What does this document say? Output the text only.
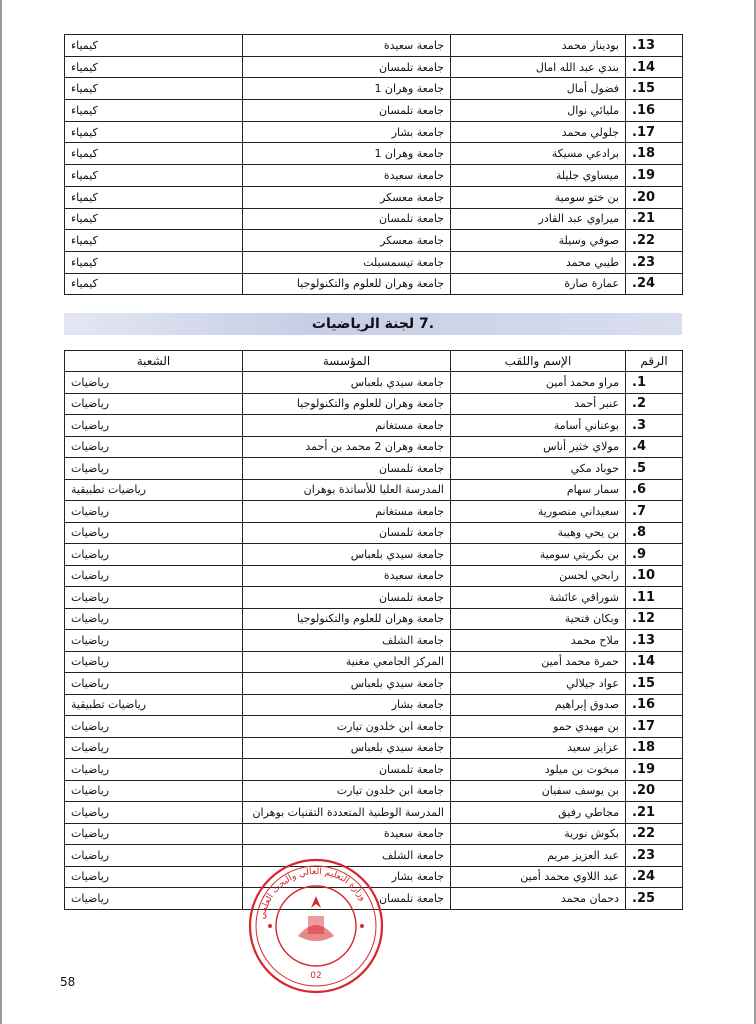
13.	بوديناز محمد	جامعة سعيدة	كيمياء
14.	بندي عبد الله امال	جامعة تلمسان	كيمياء
15.	فضول أمال	جامعة وهران 1	كيمياء
16.	مليائي نوال	جامعة تلمسان	كيمياء
17.	جلولي محمد	جامعة بشار	كيمياء
18.	برادعي مسيكة	جامعة وهران 1	كيمياء
19.	ميساوي جليلة	جامعة سعيدة	كيمياء
20.	بن ختو سومية	جامعة معسكر	كيمياء
21.	ميراوي عبد القادر	جامعة تلمسان	كيمياء
22.	صوفي وسيلة	جامعة معسكر	كيمياء
23.	طيبي محمد	جامعة تيسمسيلت	كيمياء
24.	عمارة صارة	جامعة وهران للعلوم والتكنولوجيا	كيمياء
.7 لجنة الرياضيات
الرقم	الإسم واللقب	المؤسسة	الشعبة
1.	مراو محمد أمين	جامعة سيدي بلعباس	رياضيات
2.	عنبر أحمد	جامعة وهران للعلوم والتكنولوجيا	رياضيات
3.	بوعناني أسامة	جامعة مستغانم	رياضيات
4.	مولاي خثير أناس	جامعة وهران 2 محمد بن أحمد	رياضيات
5.	حوباد مكي	جامعة تلمسان	رياضيات
6.	سمار سهام	المدرسة العليا للأساتذة بوهران	رياضيات تطبيقية
7.	سعيداني منصورية	جامعة مستغانم	رياضيات
8.	بن يحي وهيبة	جامعة تلمسان	رياضيات
9.	بن بكريتي سومية	جامعة سيدي بلعباس	رياضيات
10.	رابحي لحسن	جامعة سعيدة	رياضيات
11.	شوراقي عائشة	جامعة تلمسان	رياضيات
12.	وبكان فتحية	جامعة وهران للعلوم والتكنولوجيا	رياضيات
13.	ملاح محمد	جامعة الشلف	رياضيات
14.	حمرة محمد أمين	المركز الجامعي مغنية	رياضيات
15.	عواد جيلالي	جامعة سيدي بلعباس	رياضيات
16.	صدوق إبراهيم	جامعة بشار	رياضيات تطبيقية
17.	بن مهيدي حمو	جامعة ابن خلدون تيارت	رياضيات
18.	عزايز سعيد	جامعة سيدي بلعباس	رياضيات
19.	مبخوت بن ميلود	جامعة تلمسان	رياضيات
20.	بن يوسف سفيان	جامعة ابن خلدون تيارت	رياضيات
21.	مجاطي رفيق	المدرسة الوطنية المتعددة التقنيات بوهران	رياضيات
22.	بكوش نورية	جامعة سعيدة	رياضيات
23.	عبد العزيز مريم	جامعة الشلف	رياضيات
24.	عبد اللاوي محمد أمين	جامعة بشار	رياضيات
25.	دحمان محمد	جامعة تلمسان	رياضيات
وزارة التعليم العالي والبحث العلمي
02
58
